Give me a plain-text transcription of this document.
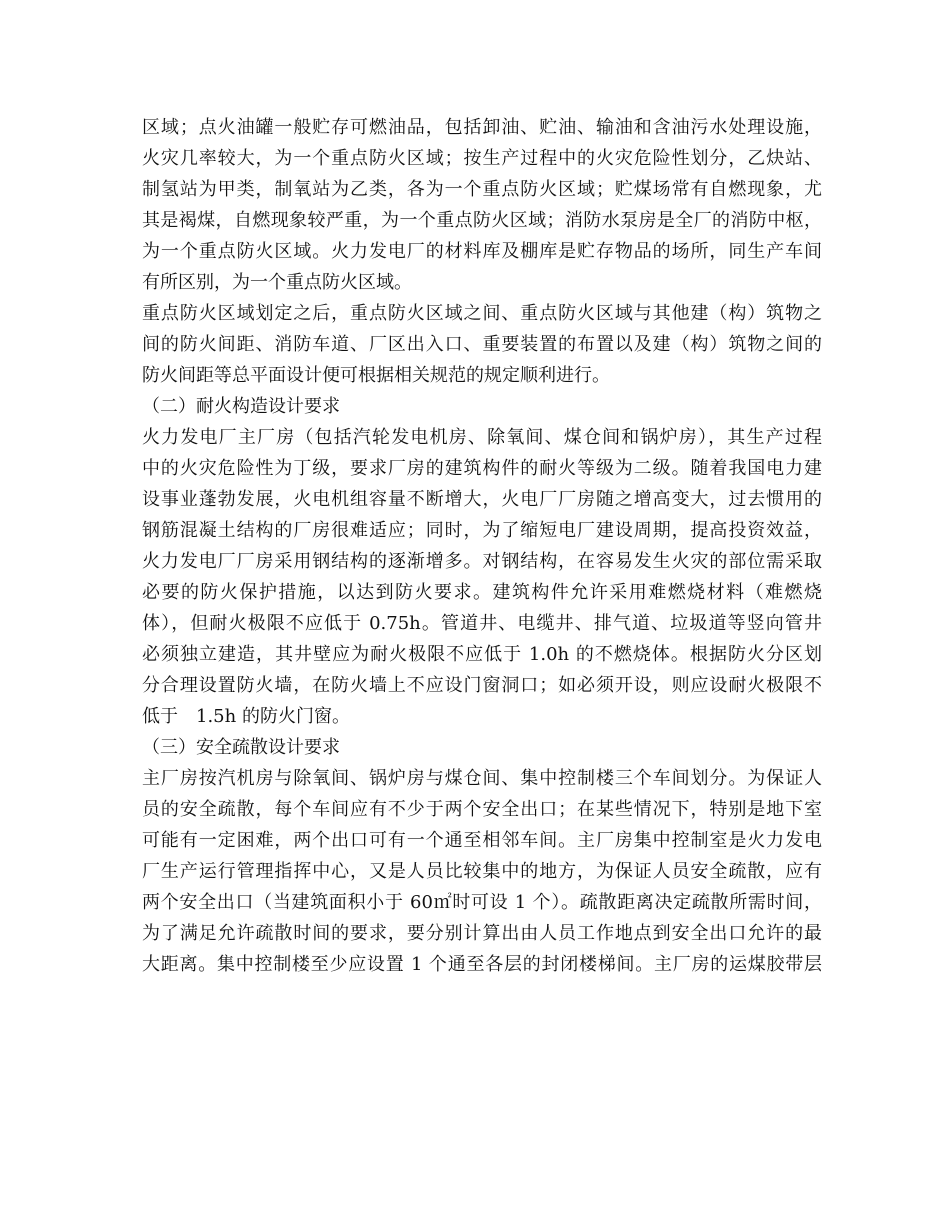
区域；点火油罐一般贮存可燃油品，包括卸油、贮油、输油和含油污水处理设施，
火灾几率较大，为一个重点防火区域；按生产过程中的火灾危险性划分，乙炔站、
制氢站为甲类，制氧站为乙类，各为一个重点防火区域；贮煤场常有自燃现象，尤
其是褐煤，自燃现象较严重，为一个重点防火区域；消防水泵房是全厂的消防中枢，
为一个重点防火区域。火力发电厂的材料库及棚库是贮存物品的场所，同生产车间
有所区别，为一个重点防火区域。
重点防火区域划定之后，重点防火区域之间、重点防火区域与其他建（构）筑物之
间的防火间距、消防车道、厂区出入口、重要装置的布置以及建（构）筑物之间的
防火间距等总平面设计便可根据相关规范的规定顺利进行。
（二）耐火构造设计要求
火力发电厂主厂房（包括汽轮发电机房、除氧间、煤仓间和锅炉房），其生产过程
中的火灾危险性为丁级，要求厂房的建筑构件的耐火等级为二级。随着我国电力建
设事业蓬勃发展，火电机组容量不断增大，火电厂厂房随之增高变大，过去惯用的
钢筋混凝土结构的厂房很难适应；同时，为了缩短电厂建设周期，提高投资效益，
火力发电厂厂房采用钢结构的逐渐增多。对钢结构，在容易发生火灾的部位需采取
必要的防火保护措施，以达到防火要求。建筑构件允许采用难燃烧材料（难燃烧
体），但耐火极限不应低于 0.75h。管道井、电缆井、排气道、垃圾道等竖向管井
必须独立建造，其井壁应为耐火极限不应低于 1.0h 的不燃烧体。根据防火分区划
分合理设置防火墙，在防火墙上不应设门窗洞口；如必须开设，则应设耐火极限不
低于　1.5h 的防火门窗。
（三）安全疏散设计要求
主厂房按汽机房与除氧间、锅炉房与煤仓间、集中控制楼三个车间划分。为保证人
员的安全疏散，每个车间应有不少于两个安全出口；在某些情况下，特别是地下室
可能有一定困难，两个出口可有一个通至相邻车间。主厂房集中控制室是火力发电
厂生产运行管理指挥中心，又是人员比较集中的地方，为保证人员安全疏散，应有
两个安全出口（当建筑面积小于 60㎡时可设 1 个）。疏散距离决定疏散所需时间，
为了满足允许疏散时间的要求，要分别计算出由人员工作地点到安全出口允许的最
大距离。集中控制楼至少应设置 1 个通至各层的封闭楼梯间。主厂房的运煤胶带层
